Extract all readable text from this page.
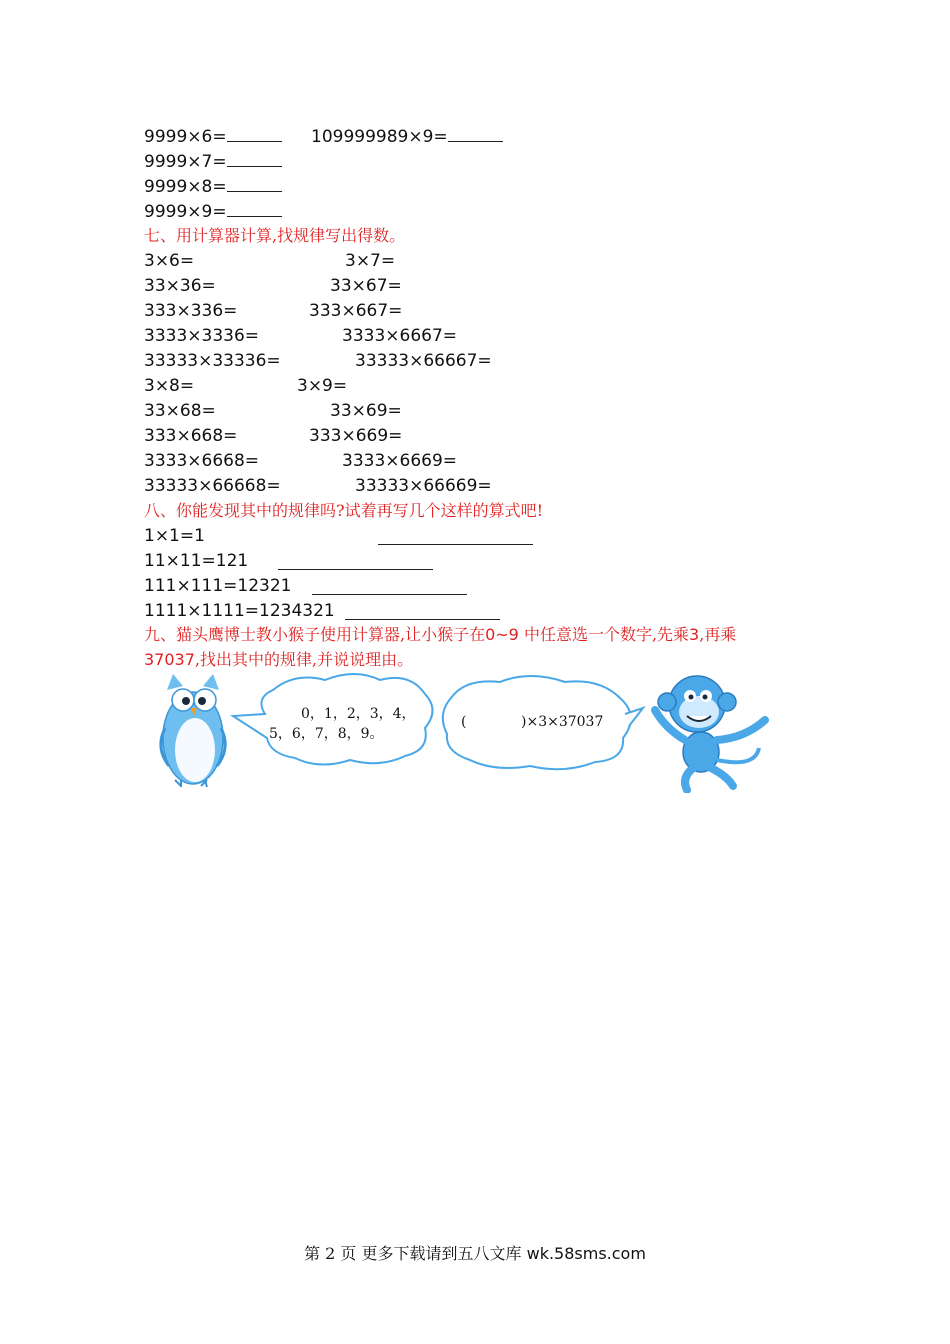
9999×6=	109999989×9=
9999×7=
9999×8=
9999×9=
七、用计算器计算,找规律写出得数。
3×6=	3×7=
33×36=	33×67=
333×336=	333×667=
3333×3336=	3333×6667=
33333×33336=	33333×66667=
3×8=	3×9=
33×68=	33×69=
333×668=	333×669=
3333×6668=	3333×6669=
33333×66668=	33333×66669=
八、你能发现其中的规律吗?试着再写几个这样的算式吧!
1×1=1
11×11=121
111×111=12321
1111×1111=1234321
九、猫头鹰博士教小猴子使用计算器,让小猴子在0~9 中任意选一个数字,先乘3,再乘
37037,找出其中的规律,并说说理由。
0，1，2，3，4，
5，6，7，8，9。
(	)×3×37037
第 2 页 更多下载请到五八文库 wk.58sms.com
